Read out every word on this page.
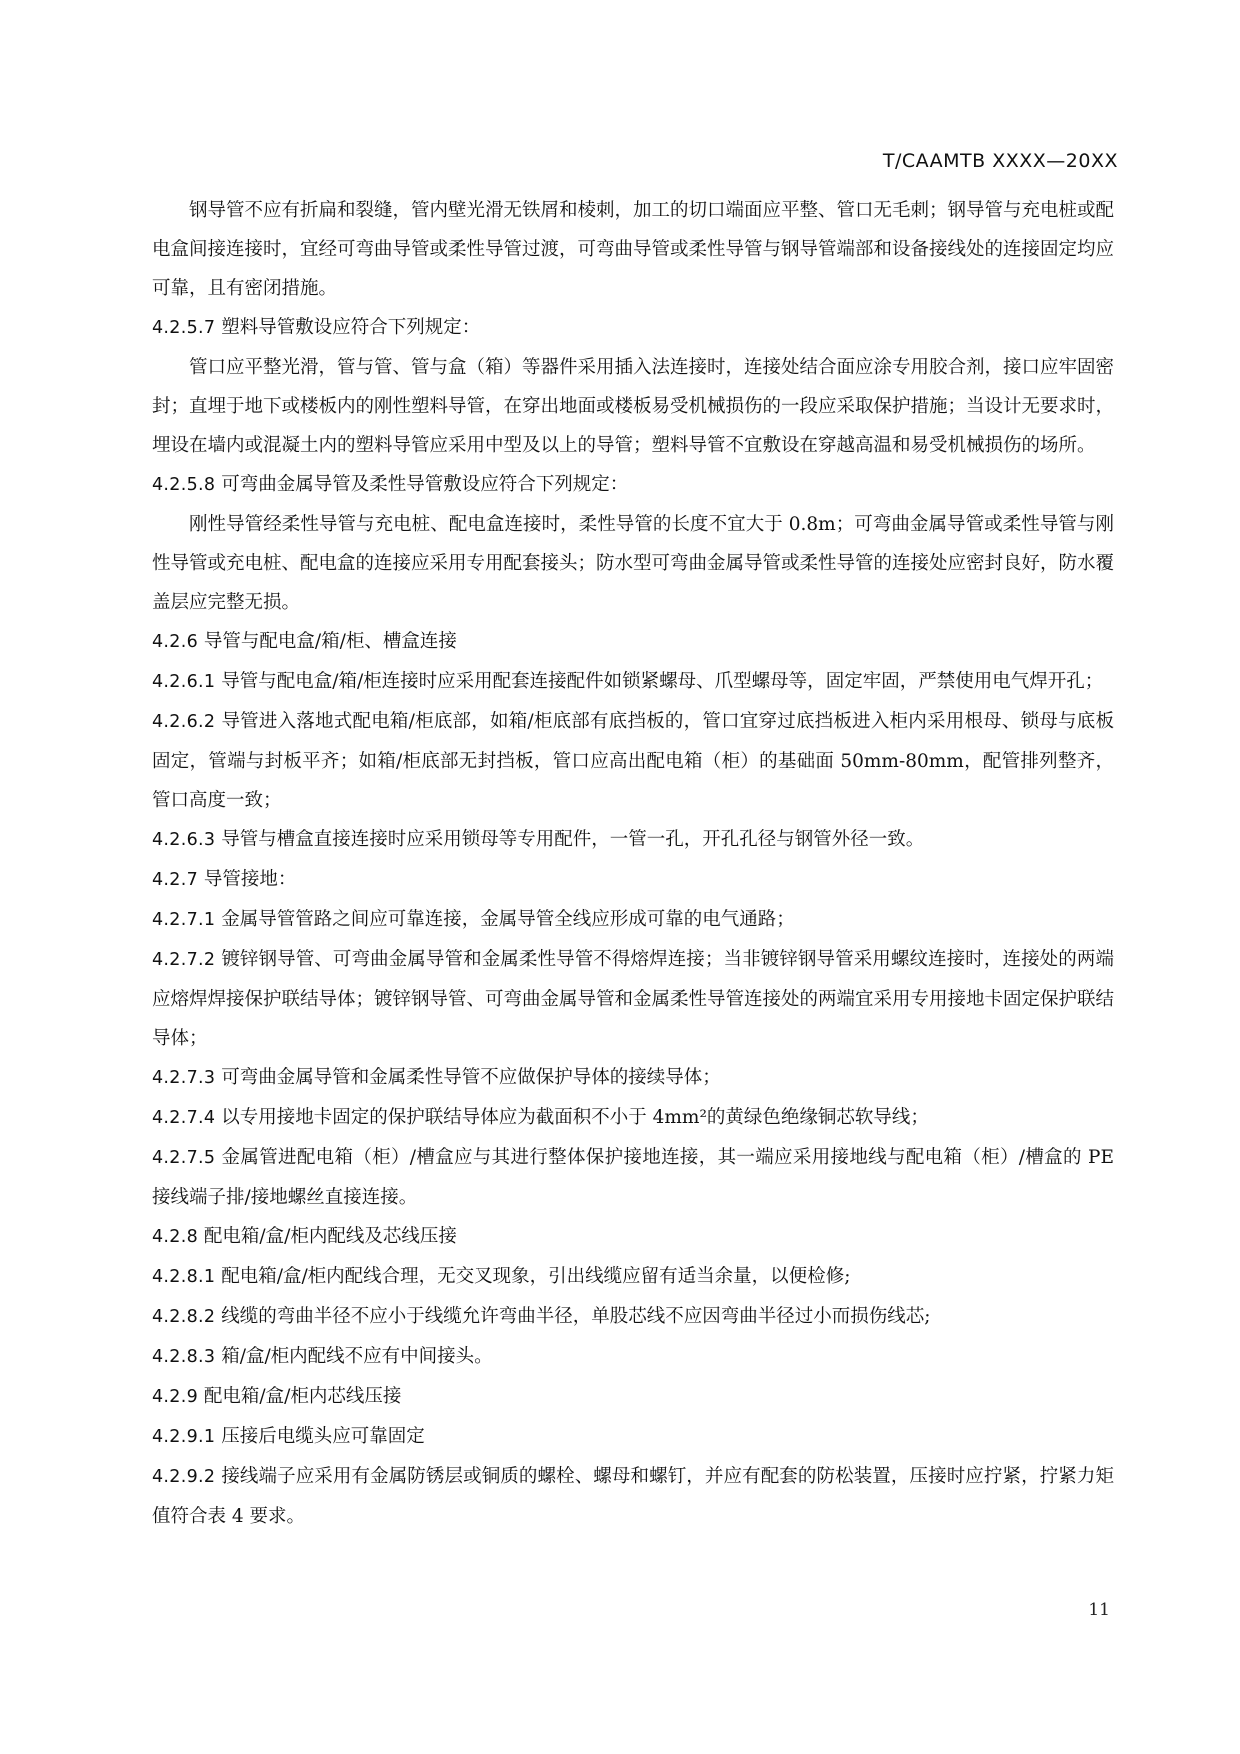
T/CAAMTB XXXX—20XX

钢导管不应有折扁和裂缝，管内壁光滑无铁屑和棱刺，加工的切口端面应平整、管口无毛刺；钢导管与充电桩或配电盒间接连接时，宜经可弯曲导管或柔性导管过渡，可弯曲导管或柔性导管与钢导管端部和设备接线处的连接固定均应可靠，且有密闭措施。

4.2.5.7 塑料导管敷设应符合下列规定：

管口应平整光滑，管与管、管与盒（箱）等器件采用插入法连接时，连接处结合面应涂专用胶合剂，接口应牢固密封；直埋于地下或楼板内的刚性塑料导管，在穿出地面或楼板易受机械损伤的一段应采取保护措施；当设计无要求时，埋设在墙内或混凝土内的塑料导管应采用中型及以上的导管；塑料导管不宜敷设在穿越高温和易受机械损伤的场所。

4.2.5.8 可弯曲金属导管及柔性导管敷设应符合下列规定：

刚性导管经柔性导管与充电桩、配电盒连接时，柔性导管的长度不宜大于 0.8m；可弯曲金属导管或柔性导管与刚性导管或充电桩、配电盒的连接应采用专用配套接头；防水型可弯曲金属导管或柔性导管的连接处应密封良好，防水覆盖层应完整无损。

4.2.6 导管与配电盒/箱/柜、槽盒连接

4.2.6.1 导管与配电盒/箱/柜连接时应采用配套连接配件如锁紧螺母、爪型螺母等，固定牢固，严禁使用电气焊开孔；

4.2.6.2 导管进入落地式配电箱/柜底部，如箱/柜底部有底挡板的，管口宜穿过底挡板进入柜内采用根母、锁母与底板固定，管端与封板平齐；如箱/柜底部无封挡板，管口应高出配电箱（柜）的基础面 50mm-80mm，配管排列整齐，管口高度一致；

4.2.6.3 导管与槽盒直接连接时应采用锁母等专用配件，一管一孔，开孔孔径与钢管外径一致。

4.2.7 导管接地：

4.2.7.1 金属导管管路之间应可靠连接，金属导管全线应形成可靠的电气通路；

4.2.7.2 镀锌钢导管、可弯曲金属导管和金属柔性导管不得熔焊连接；当非镀锌钢导管采用螺纹连接时，连接处的两端应熔焊焊接保护联结导体；镀锌钢导管、可弯曲金属导管和金属柔性导管连接处的两端宜采用专用接地卡固定保护联结导体；

4.2.7.3 可弯曲金属导管和金属柔性导管不应做保护导体的接续导体；

4.2.7.4 以专用接地卡固定的保护联结导体应为截面积不小于 4mm²的黄绿色绝缘铜芯软导线；

4.2.7.5 金属管进配电箱（柜）/槽盒应与其进行整体保护接地连接，其一端应采用接地线与配电箱（柜）/槽盒的 PE 接线端子排/接地螺丝直接连接。

4.2.8 配电箱/盒/柜内配线及芯线压接

4.2.8.1 配电箱/盒/柜内配线合理，无交叉现象，引出线缆应留有适当余量，以便检修;

4.2.8.2 线缆的弯曲半径不应小于线缆允许弯曲半径，单股芯线不应因弯曲半径过小而损伤线芯;

4.2.8.3 箱/盒/柜内配线不应有中间接头。

4.2.9 配电箱/盒/柜内芯线压接

4.2.9.1 压接后电缆头应可靠固定

4.2.9.2 接线端子应采用有金属防锈层或铜质的螺栓、螺母和螺钉，并应有配套的防松装置，压接时应拧紧，拧紧力矩值符合表 4 要求。

11
